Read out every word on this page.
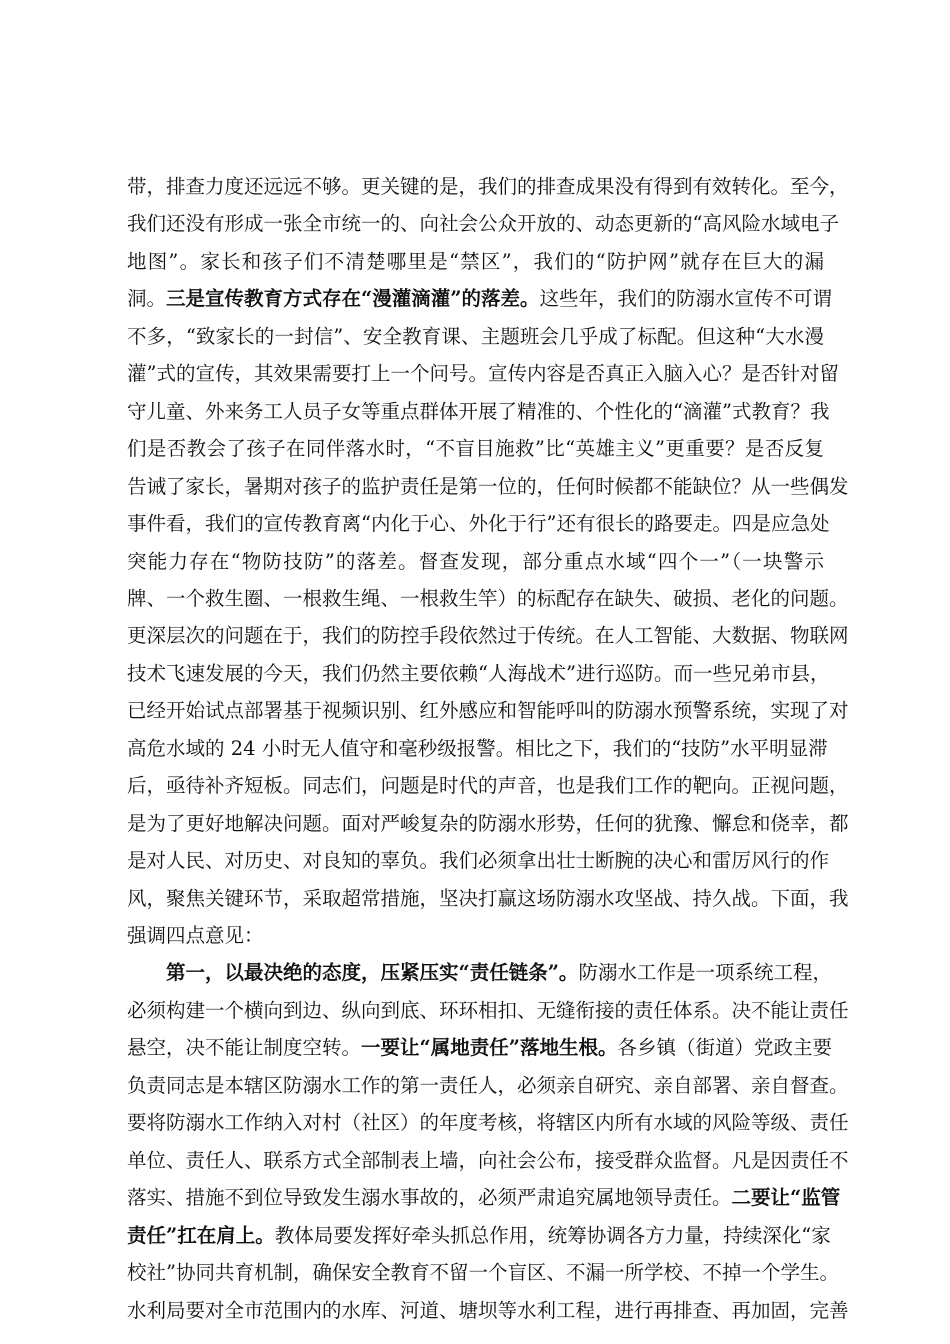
带，排查力度还远远不够。更关键的是，我们的排查成果没有得到有效转化。至今，
我们还没有形成一张全市统一的、向社会公众开放的、动态更新的“高风险水域电子
地图”。家长和孩子们不清楚哪里是“禁区”，我们的“防护网”就存在巨大的漏
洞。三是宣传教育方式存在“漫灌滴灌”的落差。这些年，我们的防溺水宣传不可谓
不多，“致家长的一封信”、安全教育课、主题班会几乎成了标配。但这种“大水漫
灌”式的宣传，其效果需要打上一个问号。宣传内容是否真正入脑入心？是否针对留
守儿童、外来务工人员子女等重点群体开展了精准的、个性化的“滴灌”式教育？我
们是否教会了孩子在同伴落水时，“不盲目施救”比“英雄主义”更重要？是否反复
告诫了家长，暑期对孩子的监护责任是第一位的，任何时候都不能缺位？从一些偶发
事件看，我们的宣传教育离“内化于心、外化于行”还有很长的路要走。四是应急处
突能力存在“物防技防”的落差。督查发现，部分重点水域“四个一”（一块警示
牌、一个救生圈、一根救生绳、一根救生竿）的标配存在缺失、破损、老化的问题。
更深层次的问题在于，我们的防控手段依然过于传统。在人工智能、大数据、物联网
技术飞速发展的今天，我们仍然主要依赖“人海战术”进行巡防。而一些兄弟市县，
已经开始试点部署基于视频识别、红外感应和智能呼叫的防溺水预警系统，实现了对
高危水域的 24 小时无人值守和毫秒级报警。相比之下，我们的“技防”水平明显滞
后，亟待补齐短板。同志们，问题是时代的声音，也是我们工作的靶向。正视问题，
是为了更好地解决问题。面对严峻复杂的防溺水形势，任何的犹豫、懈怠和侥幸，都
是对人民、对历史、对良知的辜负。我们必须拿出壮士断腕的决心和雷厉风行的作
风，聚焦关键环节，采取超常措施，坚决打赢这场防溺水攻坚战、持久战。下面，我
强调四点意见：
第一，以最决绝的态度，压紧压实“责任链条”。防溺水工作是一项系统工程，
必须构建一个横向到边、纵向到底、环环相扣、无缝衔接的责任体系。决不能让责任
悬空，决不能让制度空转。一要让“属地责任”落地生根。各乡镇（街道）党政主要
负责同志是本辖区防溺水工作的第一责任人，必须亲自研究、亲自部署、亲自督查。
要将防溺水工作纳入对村（社区）的年度考核，将辖区内所有水域的风险等级、责任
单位、责任人、联系方式全部制表上墙，向社会公布，接受群众监督。凡是因责任不
落实、措施不到位导致发生溺水事故的，必须严肃追究属地领导责任。二要让“监管
责任”扛在肩上。教体局要发挥好牵头抓总作用，统筹协调各方力量，持续深化“家
校社”协同共育机制，确保安全教育不留一个盲区、不漏一所学校、不掉一个学生。
水利局要对全市范围内的水库、河道、塘坝等水利工程，进行再排查、再加固，完善
